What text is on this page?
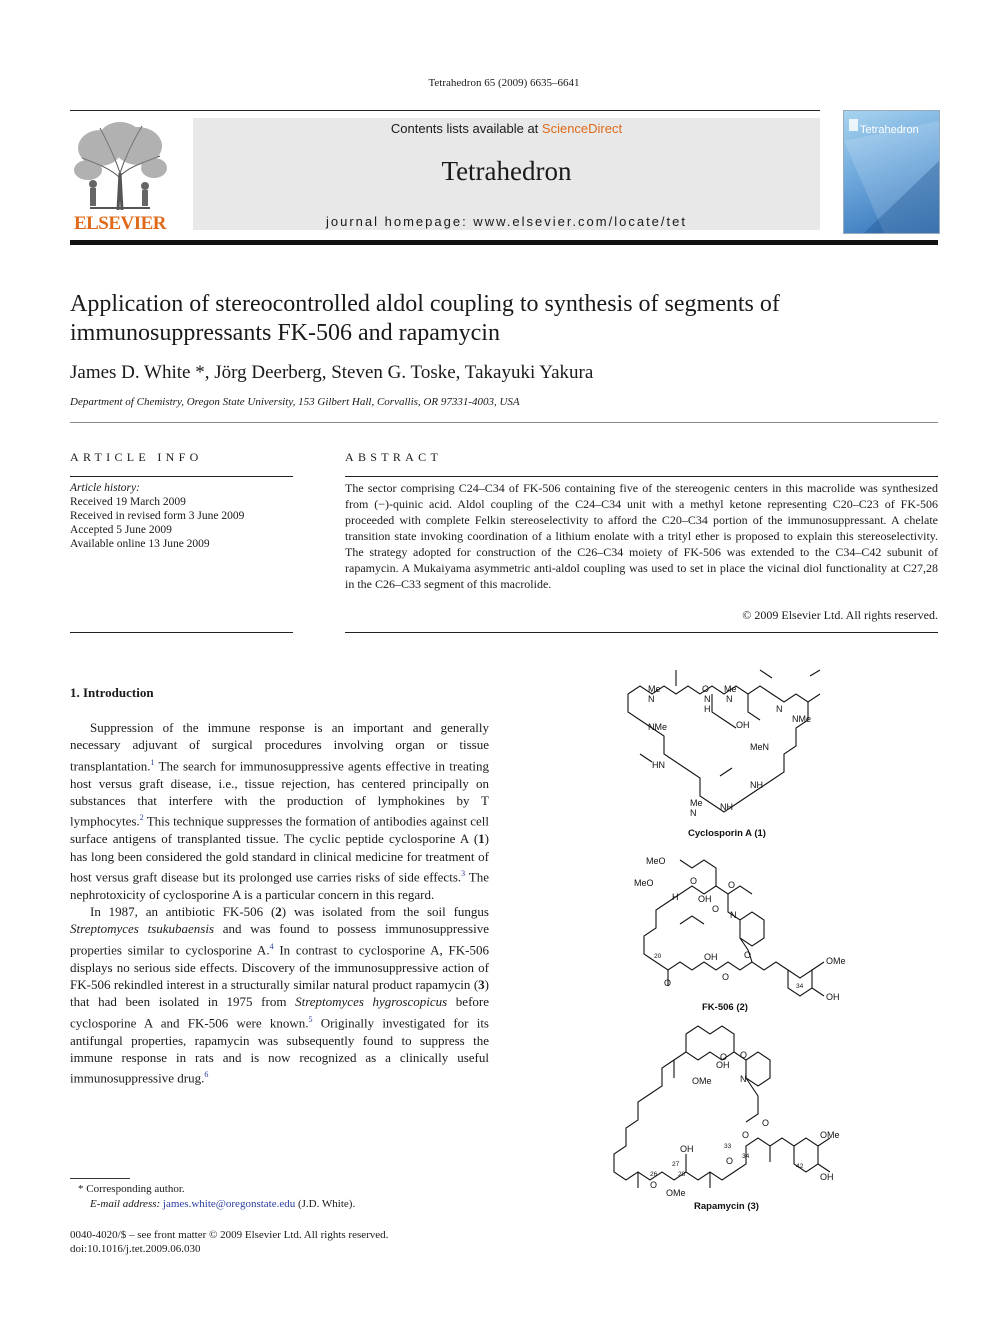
Tetrahedron 65 (2009) 6635–6641
ELSEVIER
Contents lists available at ScienceDirect
Tetrahedron
journal homepage: www.elsevier.com/locate/tet
Tetrahedron
Application of stereocontrolled aldol coupling to synthesis of segments of immunosuppressants FK-506 and rapamycin
James D. White *, Jörg Deerberg, Steven G. Toske, Takayuki Yakura
Department of Chemistry, Oregon State University, 153 Gilbert Hall, Corvallis, OR 97331-4003, USA
ARTICLE INFO
Article history:
Received 19 March 2009
Received in revised form 3 June 2009
Accepted 5 June 2009
Available online 13 June 2009
ABSTRACT
The sector comprising C24–C34 of FK-506 containing five of the stereogenic centers in this macrolide was synthesized from (−)-quinic acid. Aldol coupling of the C24–C34 unit with a methyl ketone representing C20–C23 of FK-506 proceeded with complete Felkin stereoselectivity to afford the C20–C34 portion of the immunosuppressant. A chelate transition state invoking coordination of a lithium enolate with a trityl ether is proposed to explain this stereoselectivity. The strategy adopted for construction of the C26–C34 moiety of FK-506 was extended to the C34–C42 subunit of rapamycin. A Mukaiyama asymmetric anti-aldol coupling was used to set in place the vicinal diol functionality at C27,28 in the C26–C33 segment of this macrolide.
© 2009 Elsevier Ltd. All rights reserved.
1. Introduction

Suppression of the immune response is an important and generally necessary adjuvant of surgical procedures involving organ or tissue transplantation.$^1$ The search for immunosuppressive agents effective in treating host versus graft disease, i.e., tissue rejection, has centered principally on substances that interfere with the production of lymphokines by T lymphocytes.$^2$ This technique suppresses the formation of antibodies against cell surface antigens of transplanted tissue. The cyclic peptide cyclosporine A (1) has long been considered the gold standard in clinical medicine for treatment of host versus graft disease but its prolonged use carries risks of side effects.$^3$ The nephrotoxicity of cyclosporine A is a particular concern in this regard.

In 1987, an antibiotic FK-506 (2) was isolated from the soil fungus Streptomyces tsukubaensis and was found to possess immunosuppressive properties similar to cyclosporine A.$^4$ In contrast to cyclosporine A, FK-506 displays no serious side effects. Discovery of the immunosuppressive action of FK-506 rekindled interest in a structurally similar natural product rapamycin (3) that had been isolated in 1975 from Streptomyces hygroscopicus before cyclosporine A and FK-506 were known.$^5$ Originally investigated for its antifungal properties, rapamycin was subsequently found to suppress the immune response in rats and is now recognized as a clinically useful immunosuppressive drug.$^6$

* Corresponding author.
E-mail address: james.white@oregonstate.edu (J.D. White).
0040-4020/$ – see front matter © 2009 Elsevier Ltd. All rights reserved.
doi:10.1016/j.tet.2009.06.030
Me
N
O
N
H
Me
N
OH
N
NMe
NMe
MeN
HN
NH
Me
N
NH
Cyclosporin A (1)
MeO
MeO	O
H OH
O
O
N
O
20	OH
O
O	34
OMe
OH
FK-506 (2)
O O
OH
OMe	N
O
O
33
34
OH
27
28
26
O
OMe
O
42
OMe
OH
Rapamycin (3)
